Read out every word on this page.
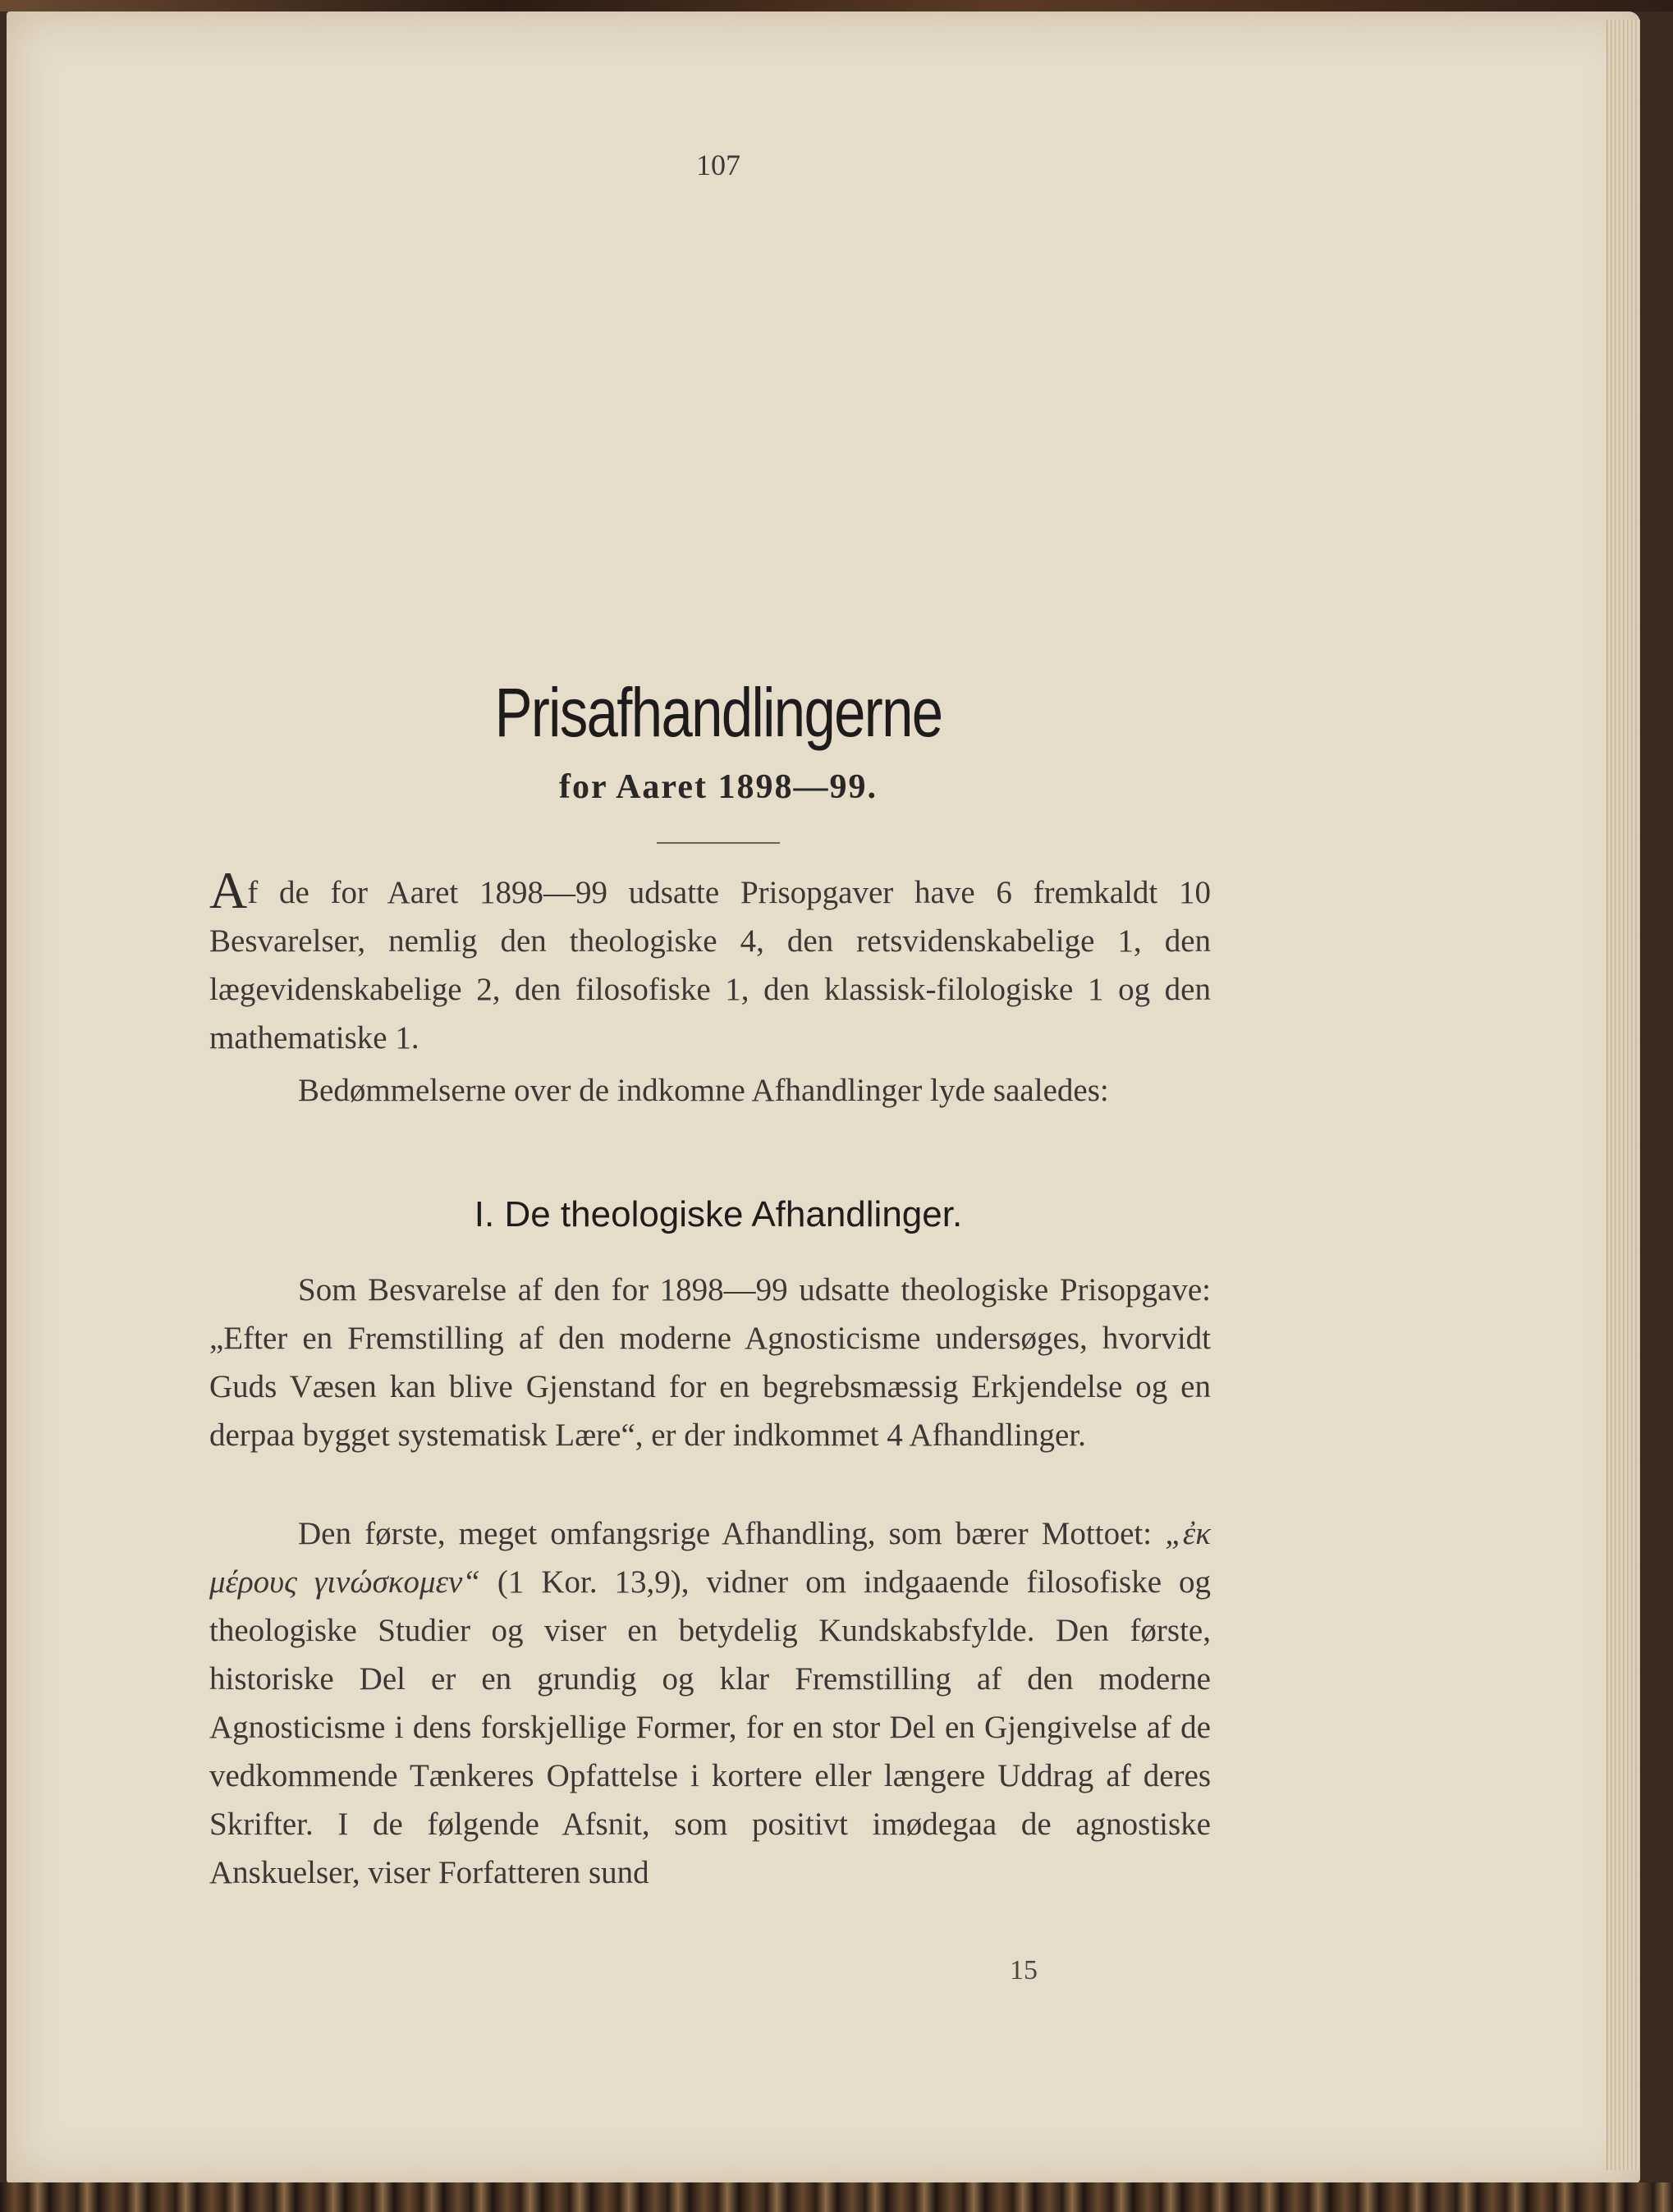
107
Prisafhandlingerne
for Aaret 1898—99.
Af de for Aaret 1898—99 udsatte Prisopgaver have 6 fremkaldt 10 Besvarelser, nemlig den theologiske 4, den retsvidenskabelige 1, den lægevidenskabelige 2, den filosofiske 1, den klassisk-filologiske 1 og den mathematiske 1.
Bedømmelserne over de indkomne Afhandlinger lyde saaledes:
I. De theologiske Afhandlinger.
Som Besvarelse af den for 1898—99 udsatte theologiske Prisopgave: „Efter en Fremstilling af den moderne Agnosticisme undersøges, hvorvidt Guds Væsen kan blive Gjenstand for en begrebsmæssig Erkjendelse og en derpaa bygget systematisk Lære“, er der indkommet 4 Afhandlinger.
Den første, meget omfangsrige Afhandling, som bærer Mottoet: „ἐκ μέρους γινώσκομεν“ (1 Kor. 13,9), vidner om indgaaende filosofiske og theologiske Studier og viser en betydelig Kundskabsfylde. Den første, historiske Del er en grundig og klar Fremstilling af den moderne Agnosticisme i dens forskjellige Former, for en stor Del en Gjengivelse af de vedkommende Tænkeres Opfattelse i kortere eller længere Uddrag af deres Skrifter. I de følgende Afsnit, som positivt imødegaa de agnostiske Anskuelser, viser Forfatteren sund
15
